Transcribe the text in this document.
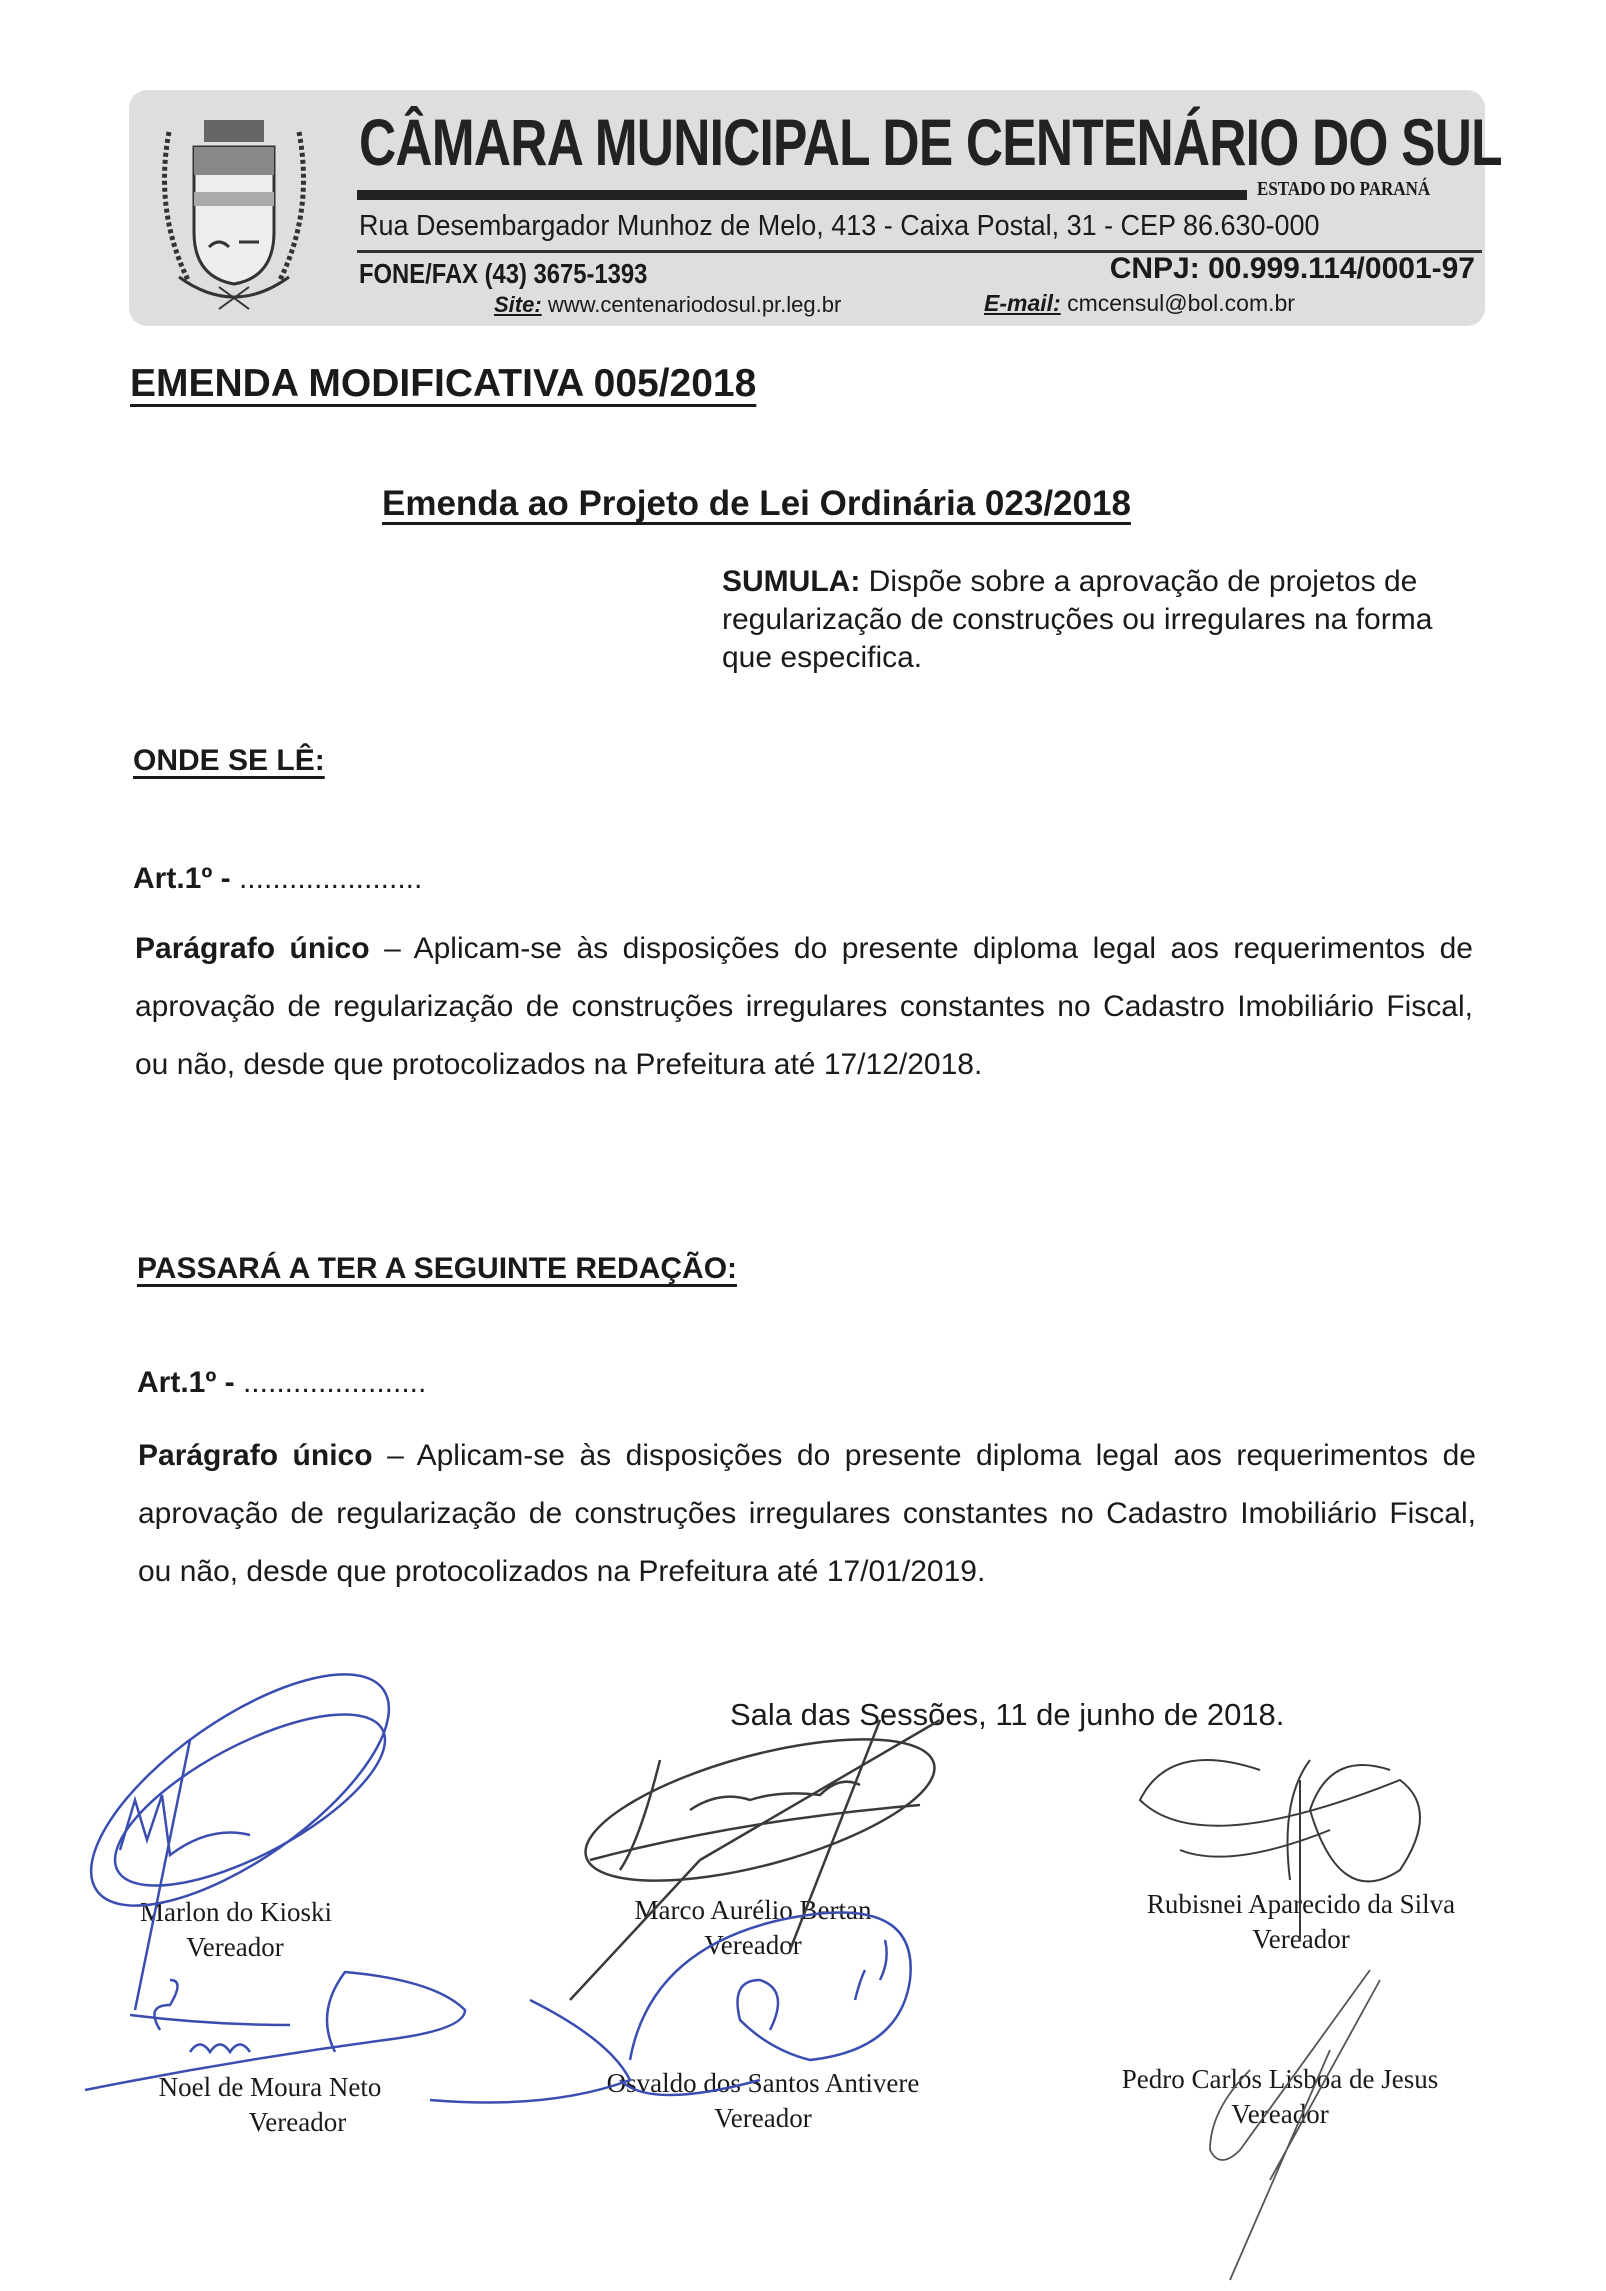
CÂMARA MUNICIPAL DE CENTENÁRIO DO SUL
ESTADO DO PARANÁ
Rua Desembargador Munhoz de Melo, 413 - Caixa Postal, 31 - CEP 86.630-000
FONE/FAX (43) 3675-1393	CNPJ: 00.999.114/0001-97
Site: www.centenariodosul.pr.leg.br	E-mail: cmcensul@bol.com.br
EMENDA MODIFICATIVA 005/2018
Emenda ao Projeto de Lei Ordinária 023/2018
SUMULA: Dispõe sobre a aprovação de projetos de regularização de construções ou irregulares na forma que especifica.
ONDE SE LÊ:
Art.1º - ......................
Parágrafo único – Aplicam-se às disposições do presente diploma legal aos requerimentos de aprovação de regularização de construções irregulares constantes no Cadastro Imobiliário Fiscal, ou não, desde que protocolizados na Prefeitura até 17/12/2018.
PASSARÁ A TER A SEGUINTE REDAÇÃO:
Art.1º - ......................
Parágrafo único – Aplicam-se às disposições do presente diploma legal aos requerimentos de aprovação de regularização de construções irregulares constantes no Cadastro Imobiliário Fiscal, ou não, desde que protocolizados na Prefeitura até 17/01/2019.
Sala das Sessões, 11 de junho de 2018.
Marlon do Kioski
Vereador
Marco Aurélio Bertan
Vereador
Rubisnei Aparecido da Silva
Vereador
Noel de Moura Neto
Vereador
Osvaldo dos Santos Antivere
Vereador
Pedro Carlos Lisboa de Jesus
Vereador
